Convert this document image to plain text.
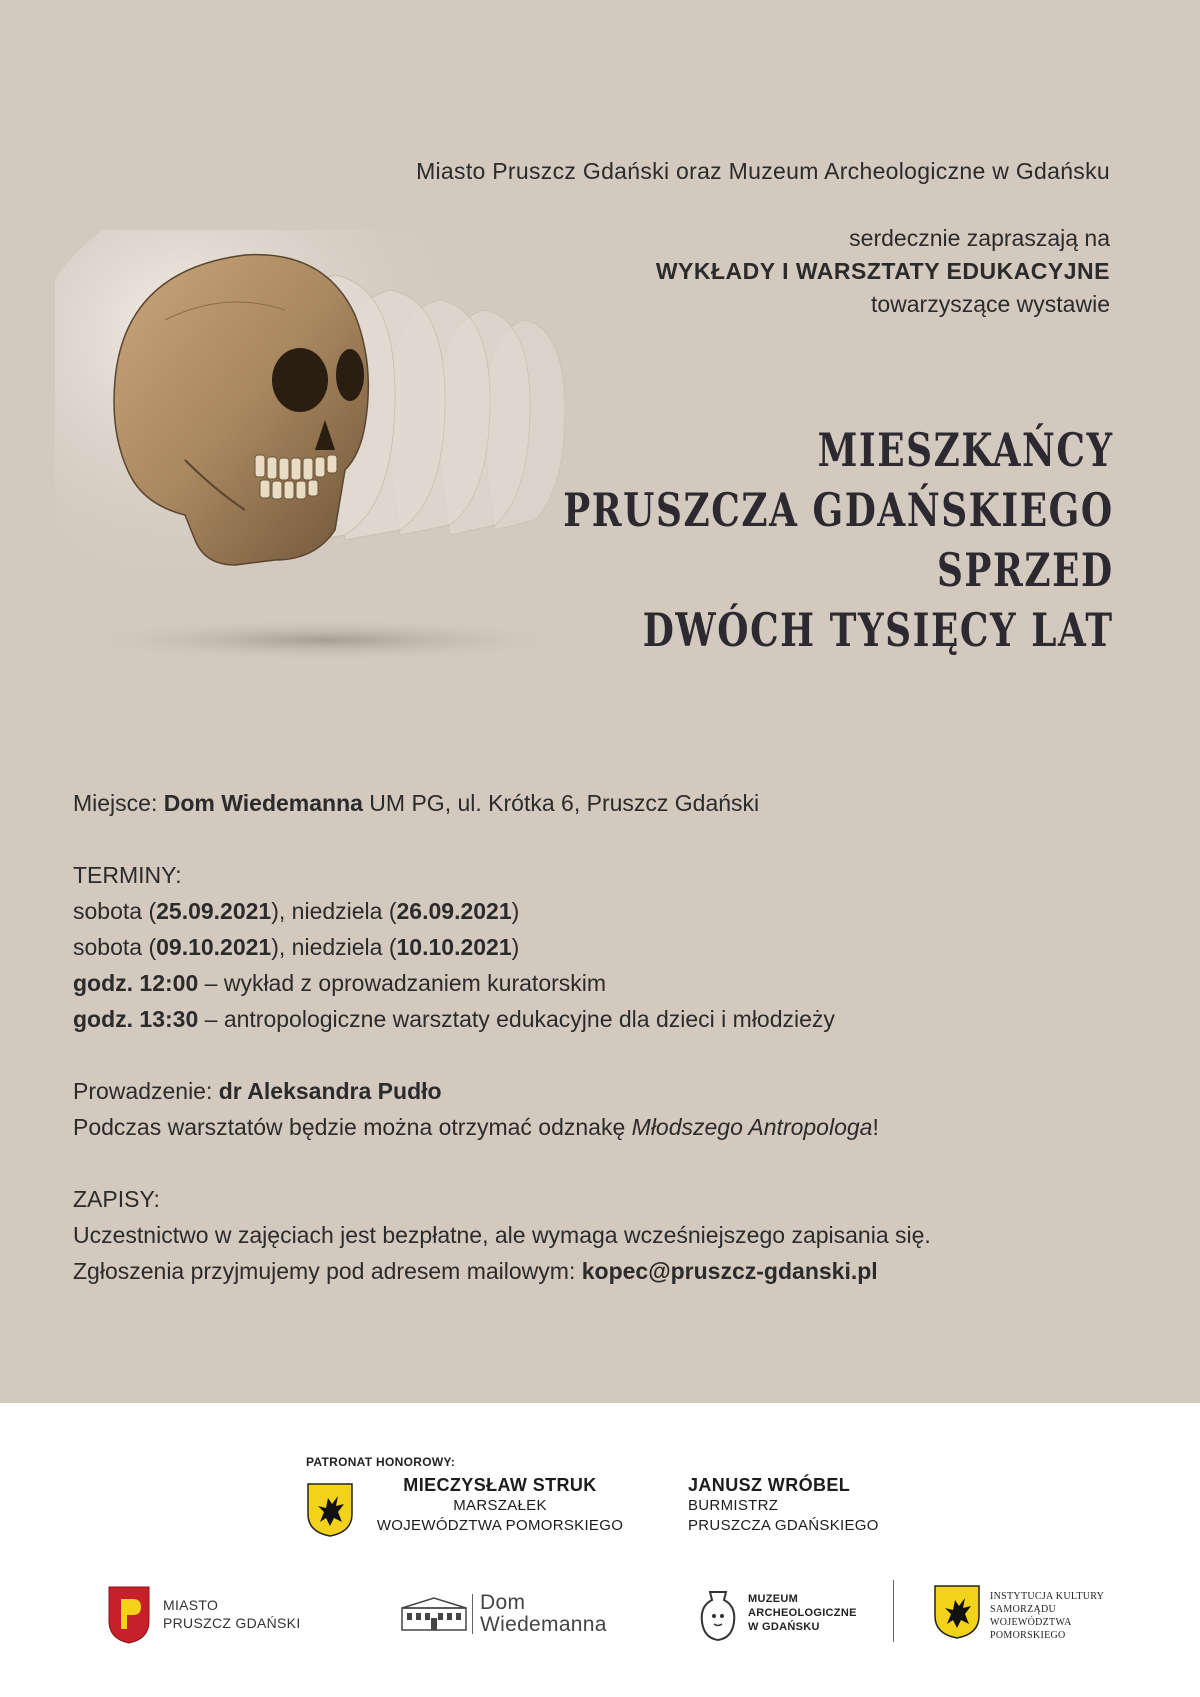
Miasto Pruszcz Gdański oraz Muzeum Archeologiczne w Gdańsku
serdecznie zapraszają na
WYKŁADY I WARSZTATY EDUKACYJNE
towarzyszące wystawie
MIESZKAŃCY
PRUSZCZA GDAŃSKIEGO
SPRZED
DWÓCH TYSIĘCY LAT

Miejsce: Dom Wiedemanna UM PG, ul. Krótka 6, Pruszcz Gdański

TERMINY:

sobota (25.09.2021), niedziela (26.09.2021)

sobota (09.10.2021), niedziela (10.10.2021)

godz. 12:00 – wykład z oprowadzaniem kuratorskim

godz. 13:30 – antropologiczne warsztaty edukacyjne dla dzieci i młodzieży

Prowadzenie: dr Aleksandra Pudło

Podczas warsztatów będzie można otrzymać odznakę Młodszego Antropologa!

ZAPISY:

Uczestnictwo w zajęciach jest bezpłatne, ale wymaga wcześniejszego zapisania się.

Zgłoszenia przyjmujemy pod adresem mailowym: kopec@pruszcz-gdanski.pl

PATRONAT HONOROWY:
MIECZYSŁAW STRUK
MARSZAŁEK
WOJEWÓDZTWA POMORSKIEGO
JANUSZ WRÓBEL
BURMISTRZ
PRUSZCZA GDAŃSKIEGO
MIASTO
PRUSZCZ GDAŃSKI
Dom
Wiedemanna
MUZEUM
ARCHEOLOGICZNE
W GDAŃSKU
INSTYTUCJA KULTURY
SAMORZĄDU
WOJEWÓDZTWA
POMORSKIEGO
